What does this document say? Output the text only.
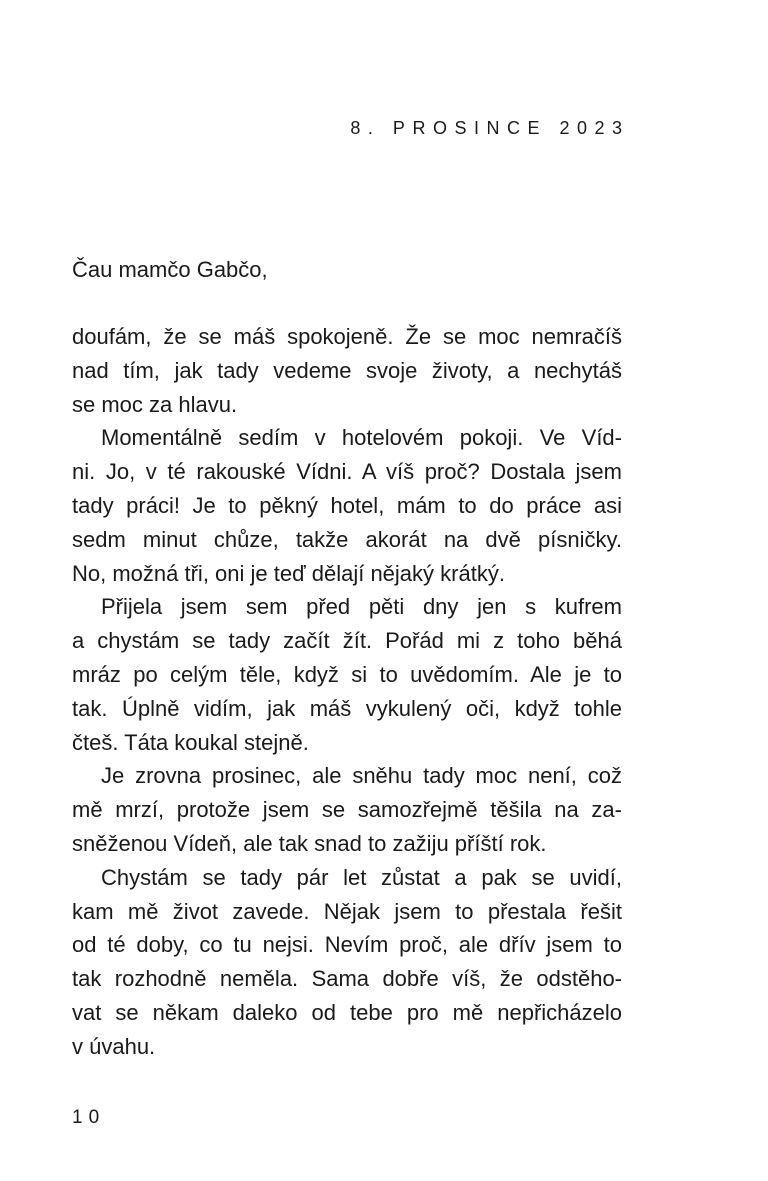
8. PROSINCE 2023
Čau mamčo Gabčo,

doufám, že se máš spokojeně. Že se moc nemračíš
nad tím, jak tady vedeme svoje životy, a nechytáš
se moc za hlavu.

Momentálně sedím v hotelovém pokoji. Ve Víd-
ni. Jo, v té rakouské Vídni. A víš proč? Dostala jsem
tady práci! Je to pěkný hotel, mám to do práce asi
sedm minut chůze, takže akorát na dvě písničky.
No, možná tři, oni je teď dělají nějaký krátký.

Přijela jsem sem před pěti dny jen s kufrem
a chystám se tady začít žít. Pořád mi z toho běhá
mráz po celým těle, když si to uvědomím. Ale je to
tak. Úplně vidím, jak máš vykulený oči, když tohle
čteš. Táta koukal stejně.

Je zrovna prosinec, ale sněhu tady moc není, což
mě mrzí, protože jsem se samozřejmě těšila na za-
sněženou Vídeň, ale tak snad to zažiju příští rok.

Chystám se tady pár let zůstat a pak se uvidí,
kam mě život zavede. Nějak jsem to přestala řešit
od té doby, co tu nejsi. Nevím proč, ale dřív jsem to
tak rozhodně neměla. Sama dobře víš, že odstěho-
vat se někam daleko od tebe pro mě nepřicházelo
v úvahu.

10
